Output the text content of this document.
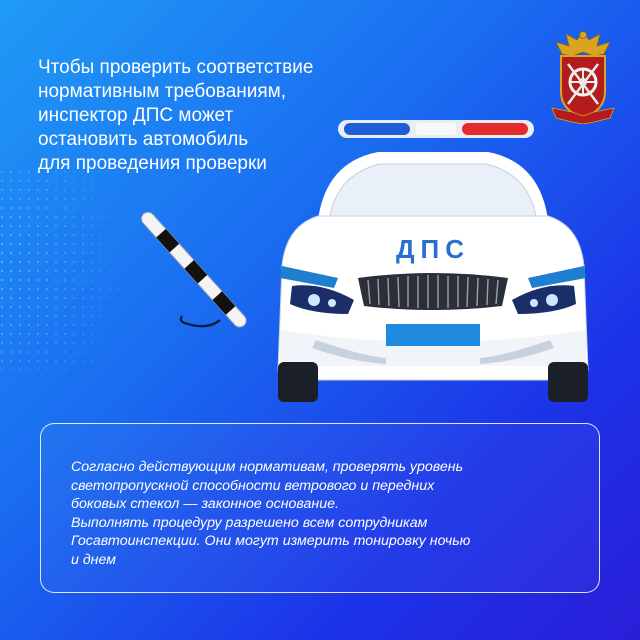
Чтобы проверить соответствие
нормативным требованиям,
инспектор ДПС может
остановить автомобиль
для проведения проверки

ДПС

Согласно действующим нормативам, проверять уровень
светопропускной способности ветрового и передних
боковых стекол — законное основание.

Выполнять процедуру разрешено всем сотрудникам
Госавтоинспекции. Они могут измерить тонировку ночью
и днем
